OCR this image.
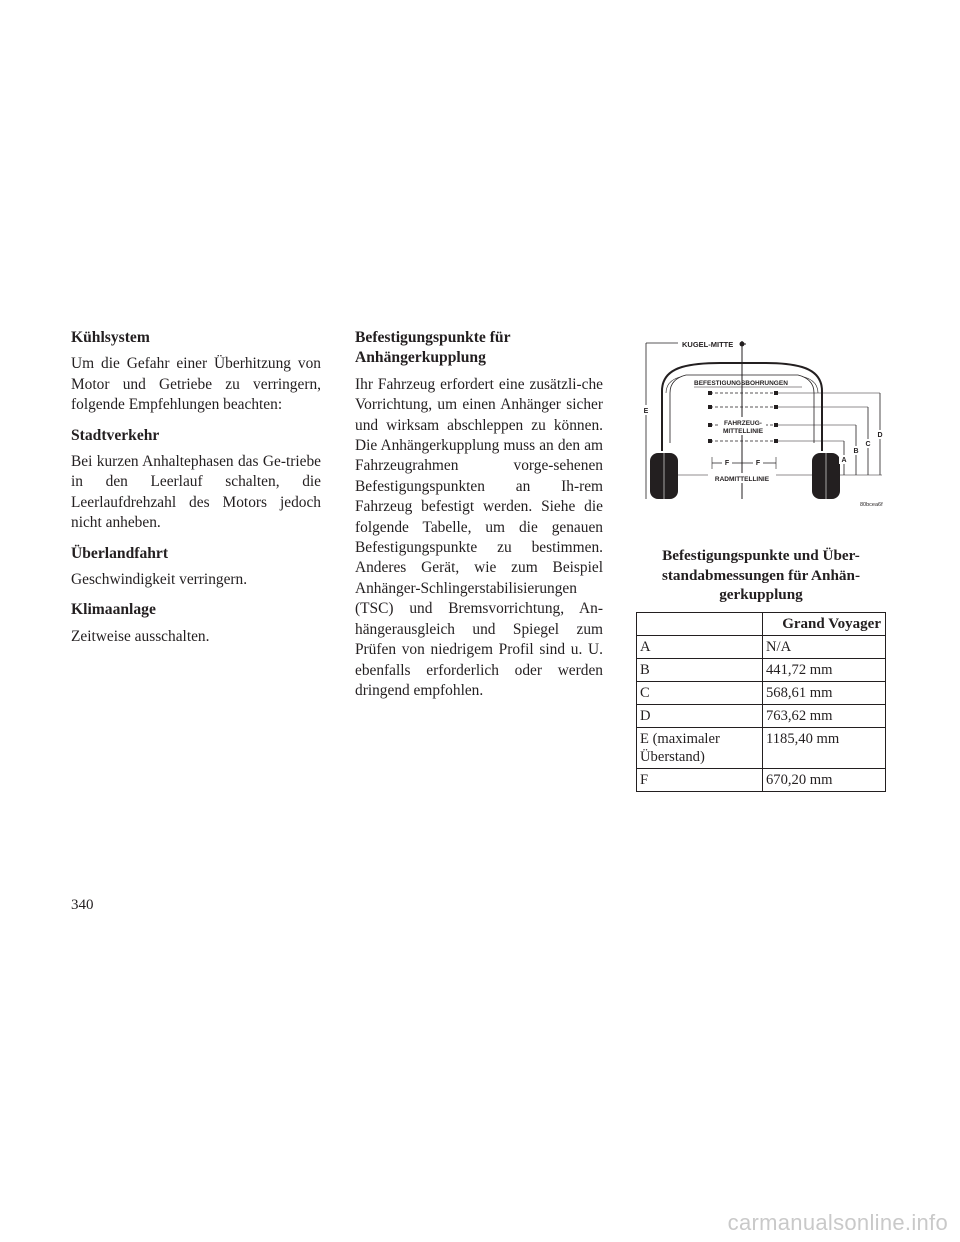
Kühlsystem

Um die Gefahr einer Überhitzung von Motor und Getriebe zu verringern, folgende Empfehlungen beachten:

Stadtverkehr

Bei kurzen Anhaltephasen das Ge-triebe in den Leerlauf schalten, die Leerlaufdrehzahl des Motors jedoch nicht anheben.

Überlandfahrt

Geschwindigkeit verringern.

Klimaanlage

Zeitweise ausschalten.

Befestigungspunkte für Anhängerkupplung

Ihr Fahrzeug erfordert eine zusätzli-che Vorrichtung, um einen Anhänger sicher und wirksam abschleppen zu können. Die Anhängerkupplung muss an den am Fahrzeugrahmen vorge-sehenen Befestigungspunkten an Ih-rem Fahrzeug befestigt werden. Siehe die folgende Tabelle, um die genauen Befestigungspunkte zu bestimmen. Anderes Gerät, wie zum Beispiel Anhänger-Schlingerstabilisierungen (TSC) und Bremsvorrichtung, An-hängerausgleich und Spiegel zum Prüfen von niedrigem Profil sind u. U. ebenfalls erforderlich oder werden dringend empfohlen.

KUGEL-MITTE
BEFESTIGUNGSBOHRUNGEN
FAHRZEUG-
MITTELLINIE
F	F
RADMITTELLINIE
E
A
B
C
D
80bcea6f
Befestigungspunkte und Über-standabmessungen für Anhän-gerkupplung
	Grand Voyager
A	N/A
B	441,72 mm
C	568,61 mm
D	763,62 mm
E (maximaler Überstand)	1185,40 mm
F	670,20 mm
340
carmanualsonline.info
